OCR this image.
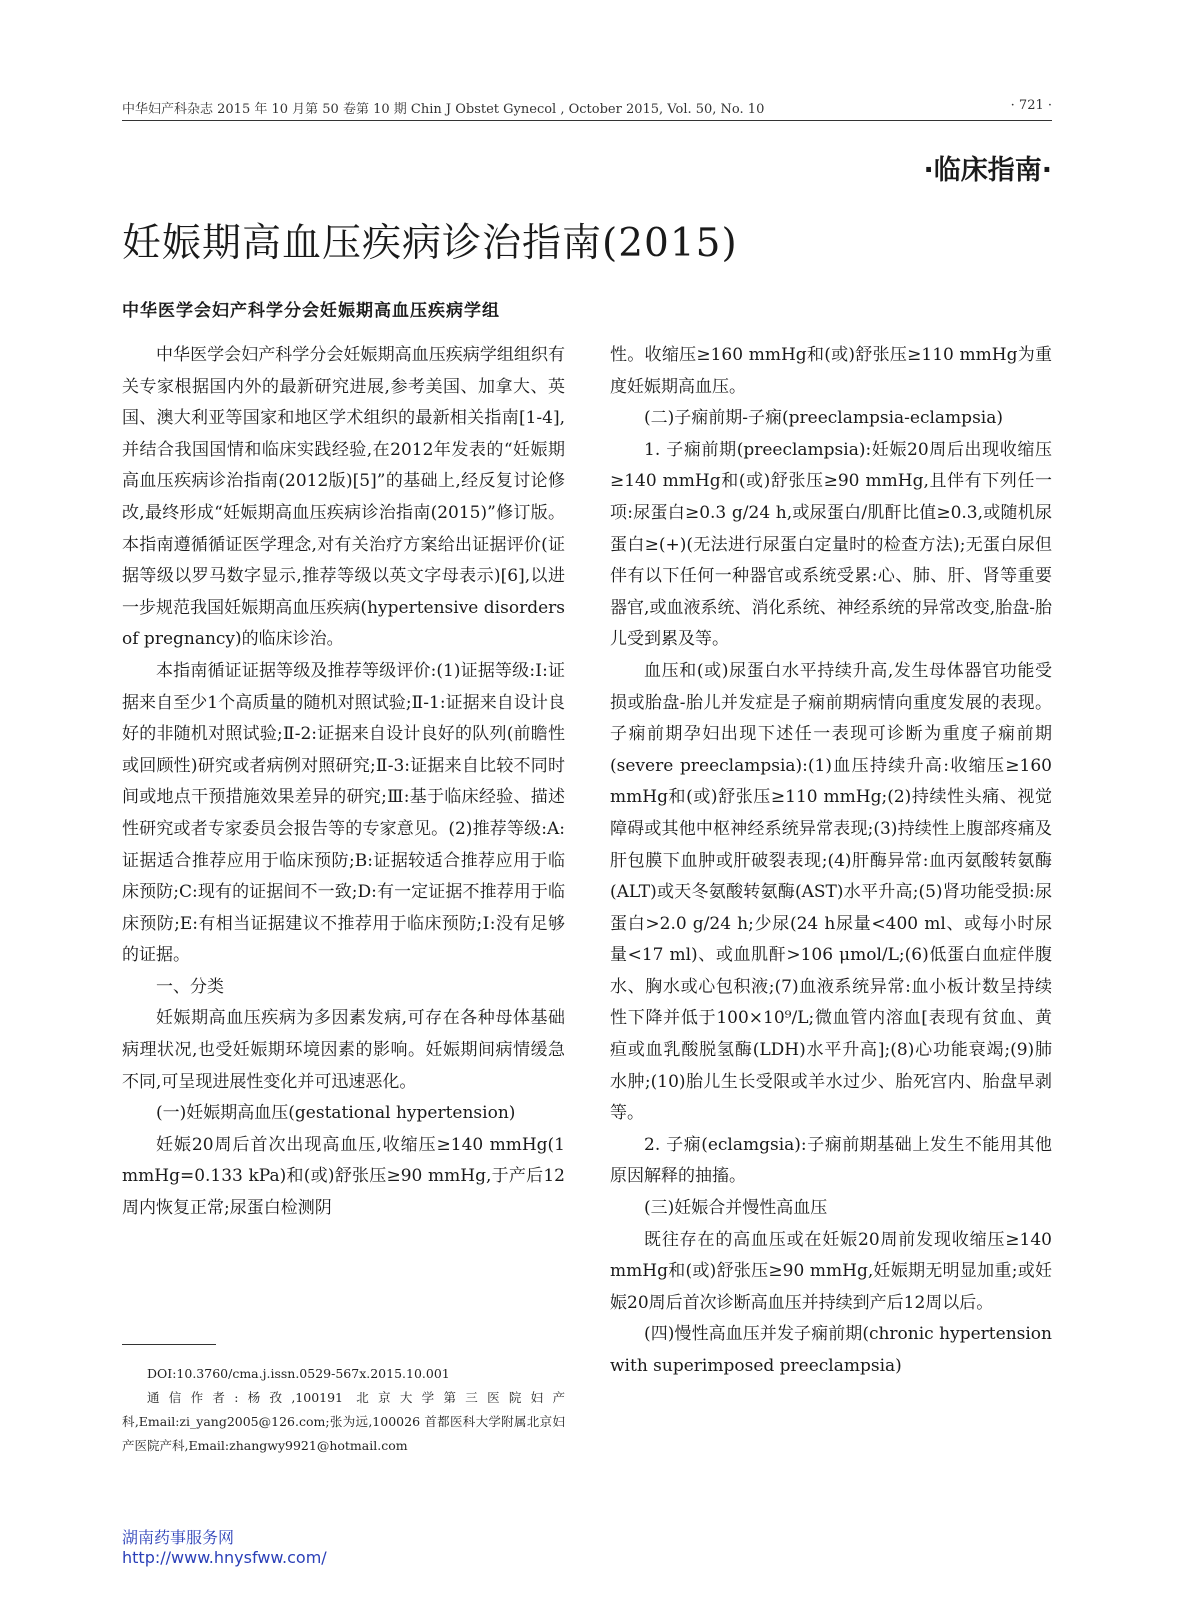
中华妇产科杂志 2015 年 10 月第 50 卷第 10 期 Chin J Obstet Gynecol , October 2015, Vol. 50, No. 10	· 721 ·
·临床指南·
妊娠期高血压疾病诊治指南(2015)
中华医学会妇产科学分会妊娠期高血压疾病学组

中华医学会妇产科学分会妊娠期高血压疾病学组组织有关专家根据国内外的最新研究进展,参考美国、加拿大、英国、澳大利亚等国家和地区学术组织的最新相关指南[1-4],并结合我国国情和临床实践经验,在2012年发表的“妊娠期高血压疾病诊治指南(2012版)[5]”的基础上,经反复讨论修改,最终形成“妊娠期高血压疾病诊治指南(2015)”修订版。本指南遵循循证医学理念,对有关治疗方案给出证据评价(证据等级以罗马数字显示,推荐等级以英文字母表示)[6],以进一步规范我国妊娠期高血压疾病(hypertensive disorders of pregnancy)的临床诊治。

本指南循证证据等级及推荐等级评价:(1)证据等级:Ⅰ:证据来自至少1个高质量的随机对照试验;Ⅱ-1:证据来自设计良好的非随机对照试验;Ⅱ-2:证据来自设计良好的队列(前瞻性或回顾性)研究或者病例对照研究;Ⅱ-3:证据来自比较不同时间或地点干预措施效果差异的研究;Ⅲ:基于临床经验、描述性研究或者专家委员会报告等的专家意见。(2)推荐等级:A:证据适合推荐应用于临床预防;B:证据较适合推荐应用于临床预防;C:现有的证据间不一致;D:有一定证据不推荐用于临床预防;E:有相当证据建议不推荐用于临床预防;Ⅰ:没有足够的证据。

一、分类

妊娠期高血压疾病为多因素发病,可存在各种母体基础病理状况,也受妊娠期环境因素的影响。妊娠期间病情缓急不同,可呈现进展性变化并可迅速恶化。

(一)妊娠期高血压(gestational hypertension)

妊娠20周后首次出现高血压,收缩压≥140 mmHg(1 mmHg=0.133 kPa)和(或)舒张压≥90 mmHg,于产后12周内恢复正常;尿蛋白检测阴

性。收缩压≥160 mmHg和(或)舒张压≥110 mmHg为重度妊娠期高血压。

(二)子痫前期-子痫(preeclampsia-eclampsia)

1. 子痫前期(preeclampsia):妊娠20周后出现收缩压≥140 mmHg和(或)舒张压≥90 mmHg,且伴有下列任一项:尿蛋白≥0.3 g/24 h,或尿蛋白/肌酐比值≥0.3,或随机尿蛋白≥(+)(无法进行尿蛋白定量时的检查方法);无蛋白尿但伴有以下任何一种器官或系统受累:心、肺、肝、肾等重要器官,或血液系统、消化系统、神经系统的异常改变,胎盘-胎儿受到累及等。

血压和(或)尿蛋白水平持续升高,发生母体器官功能受损或胎盘-胎儿并发症是子痫前期病情向重度发展的表现。子痫前期孕妇出现下述任一表现可诊断为重度子痫前期(severe preeclampsia):(1)血压持续升高:收缩压≥160 mmHg和(或)舒张压≥110 mmHg;(2)持续性头痛、视觉障碍或其他中枢神经系统异常表现;(3)持续性上腹部疼痛及肝包膜下血肿或肝破裂表现;(4)肝酶异常:血丙氨酸转氨酶(ALT)或天冬氨酸转氨酶(AST)水平升高;(5)肾功能受损:尿蛋白>2.0 g/24 h;少尿(24 h尿量<400 ml、或每小时尿量<17 ml)、或血肌酐>106 μmol/L;(6)低蛋白血症伴腹水、胸水或心包积液;(7)血液系统异常:血小板计数呈持续性下降并低于100×10⁹/L;微血管内溶血[表现有贫血、黄疸或血乳酸脱氢酶(LDH)水平升高];(8)心功能衰竭;(9)肺水肿;(10)胎儿生长受限或羊水过少、胎死宫内、胎盘早剥等。

2. 子痫(eclamgsia):子痫前期基础上发生不能用其他原因解释的抽搐。

(三)妊娠合并慢性高血压

既往存在的高血压或在妊娠20周前发现收缩压≥140 mmHg和(或)舒张压≥90 mmHg,妊娠期无明显加重;或妊娠20周后首次诊断高血压并持续到产后12周以后。

(四)慢性高血压并发子痫前期(chronic hypertension with superimposed preeclampsia)

DOI:10.3760/cma.j.issn.0529-567x.2015.10.001

通信作者:杨孜,100191 北京大学第三医院妇产科,Email:zi_yang2005@126.com;张为远,100026 首都医科大学附属北京妇产医院产科,Email:zhangwy9921@hotmail.com

湖南药事服务网
http://www.hnysfww.com/
